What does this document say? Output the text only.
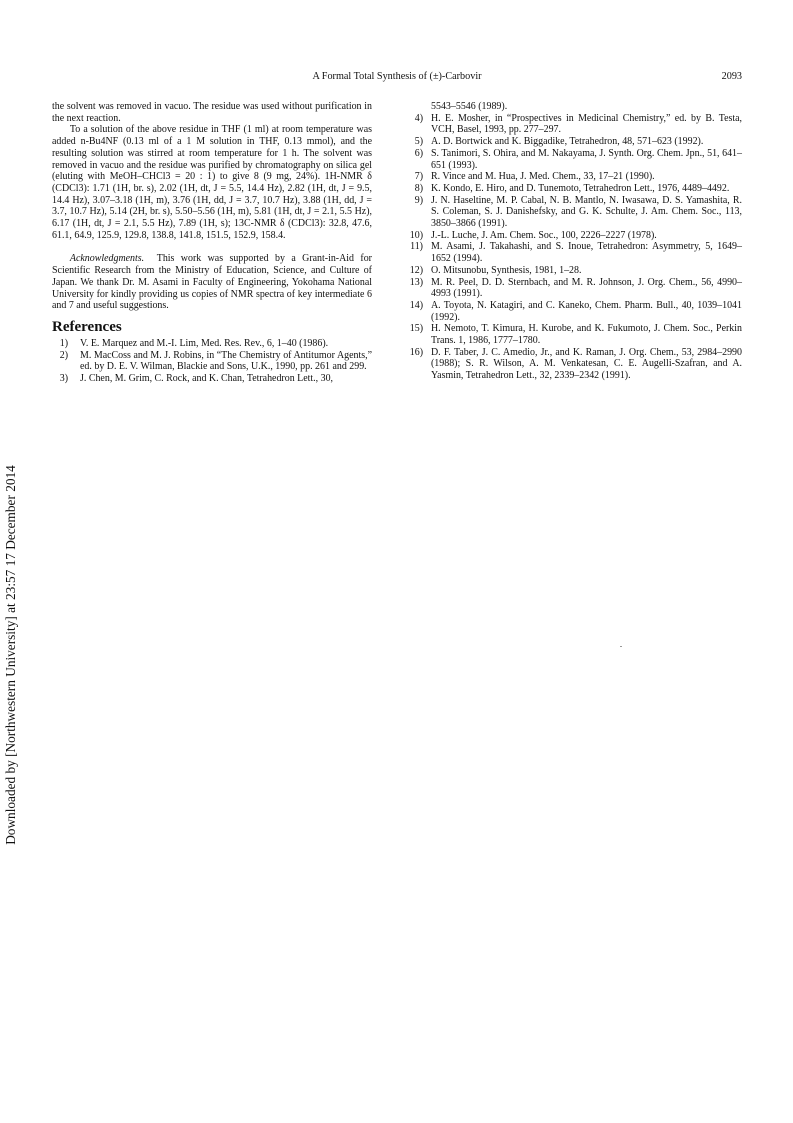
A Formal Total Synthesis of (±)-Carbovir	2093
Downloaded by [Northwestern University] at 23:57 17 December 2014

the solvent was removed in vacuo. The residue was used without purification in the next reaction.

To a solution of the above residue in THF (1 ml) at room temperature was added n-Bu4NF (0.13 ml of a 1 M solution in THF, 0.13 mmol), and the resulting solution was stirred at room temperature for 1 h. The solvent was removed in vacuo and the residue was purified by chromatography on silica gel (eluting with MeOH–CHCl3 = 20 : 1) to give 8 (9 mg, 24%). 1H-NMR δ (CDCl3): 1.71 (1H, br. s), 2.02 (1H, dt, J = 5.5, 14.4 Hz), 2.82 (1H, dt, J = 9.5, 14.4 Hz), 3.07–3.18 (1H, m), 3.76 (1H, dd, J = 3.7, 10.7 Hz), 3.88 (1H, dd, J = 3.7, 10.7 Hz), 5.14 (2H, br. s), 5.50–5.56 (1H, m), 5.81 (1H, dt, J = 2.1, 5.5 Hz), 6.17 (1H, dt, J = 2.1, 5.5 Hz), 7.89 (1H, s); 13C-NMR δ (CDCl3): 32.8, 47.6, 61.1, 64.9, 125.9, 129.8, 138.8, 141.8, 151.5, 152.9, 158.4.

Acknowledgments. This work was supported by a Grant-in-Aid for Scientific Research from the Ministry of Education, Science, and Culture of Japan. We thank Dr. M. Asami in Faculty of Engineering, Yokohama National University for kindly providing us copies of NMR spectra of key intermediate 6 and 7 and useful suggestions.

References
1) V. E. Marquez and M.-I. Lim, Med. Res. Rev., 6, 1–40 (1986).
2) M. MacCoss and M. J. Robins, in “The Chemistry of Antitumor Agents,” ed. by D. E. V. Wilman, Blackie and Sons, U.K., 1990, pp. 261 and 299.
3) J. Chen, M. Grim, C. Rock, and K. Chan, Tetrahedron Lett., 30,

5543–5546 (1989).

4) H. E. Mosher, in “Prospectives in Medicinal Chemistry,” ed. by B. Testa, VCH, Basel, 1993, pp. 277–297.
5) A. D. Bortwick and K. Biggadike, Tetrahedron, 48, 571–623 (1992).
6) S. Tanimori, S. Ohira, and M. Nakayama, J. Synth. Org. Chem. Jpn., 51, 641–651 (1993).
7) R. Vince and M. Hua, J. Med. Chem., 33, 17–21 (1990).
8) K. Kondo, E. Hiro, and D. Tunemoto, Tetrahedron Lett., 1976, 4489–4492.
9) J. N. Haseltine, M. P. Cabal, N. B. Mantlo, N. Iwasawa, D. S. Yamashita, R. S. Coleman, S. J. Danishefsky, and G. K. Schulte, J. Am. Chem. Soc., 113, 3850–3866 (1991).
10) J.-L. Luche, J. Am. Chem. Soc., 100, 2226–2227 (1978).
11) M. Asami, J. Takahashi, and S. Inoue, Tetrahedron: Asymmetry, 5, 1649–1652 (1994).
12) O. Mitsunobu, Synthesis, 1981, 1–28.
13) M. R. Peel, D. D. Sternbach, and M. R. Johnson, J. Org. Chem., 56, 4990–4993 (1991).
14) A. Toyota, N. Katagiri, and C. Kaneko, Chem. Pharm. Bull., 40, 1039–1041 (1992).
15) H. Nemoto, T. Kimura, H. Kurobe, and K. Fukumoto, J. Chem. Soc., Perkin Trans. 1, 1986, 1777–1780.
16) D. F. Taber, J. C. Amedio, Jr., and K. Raman, J. Org. Chem., 53, 2984–2990 (1988); S. R. Wilson, A. M. Venkatesan, C. E. Augelli-Szafran, and A. Yasmin, Tetrahedron Lett., 32, 2339–2342 (1991).
